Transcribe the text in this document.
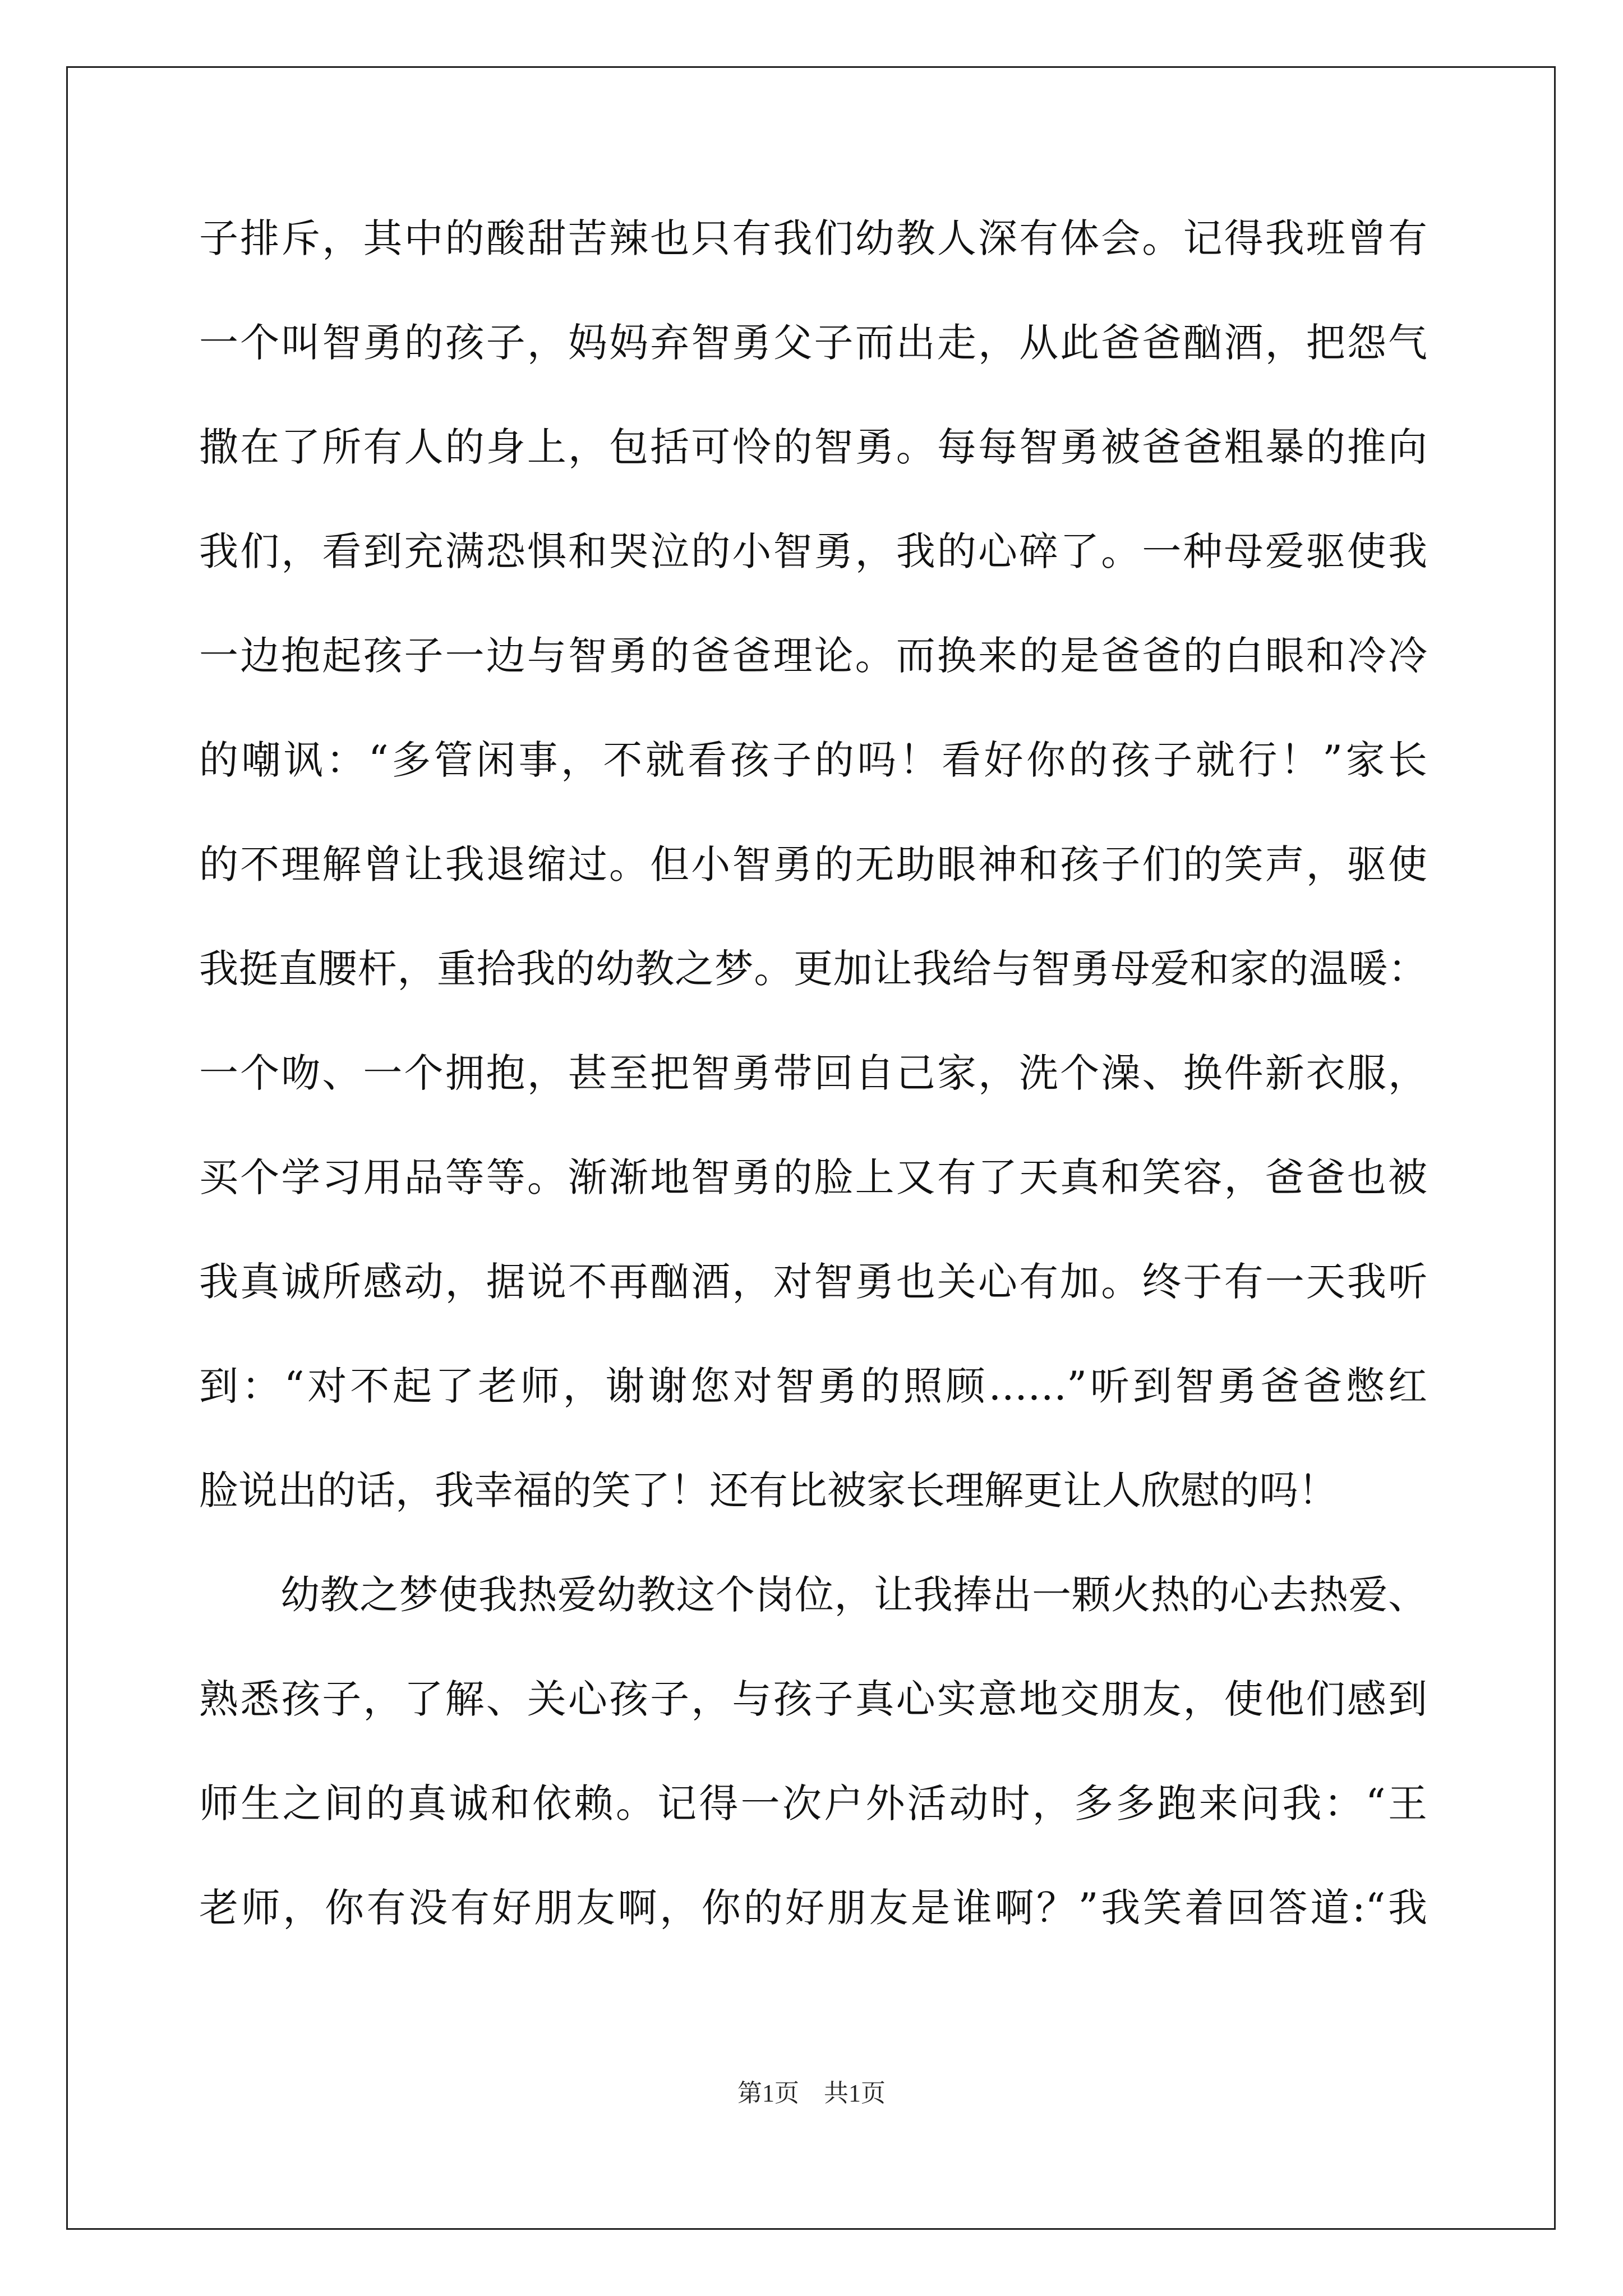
子排斥，其中的酸甜苦辣也只有我们幼教人深有体会。记得我班曾有
一个叫智勇的孩子，妈妈弃智勇父子而出走，从此爸爸酗酒，把怨气
撒在了所有人的身上，包括可怜的智勇。每每智勇被爸爸粗暴的推向
我们，看到充满恐惧和哭泣的小智勇，我的心碎了。一种母爱驱使我
一边抱起孩子一边与智勇的爸爸理论。而换来的是爸爸的白眼和冷冷
的嘲讽：“多管闲事，不就看孩子的吗！看好你的孩子就行！”家长
的不理解曾让我退缩过。但小智勇的无助眼神和孩子们的笑声，驱使
我挺直腰杆，重拾我的幼教之梦。更加让我给与智勇母爱和家的温暖：
一个吻、一个拥抱，甚至把智勇带回自己家，洗个澡、换件新衣服，
买个学习用品等等。渐渐地智勇的脸上又有了天真和笑容，爸爸也被
我真诚所感动，据说不再酗酒，对智勇也关心有加。终于有一天我听
到：“对不起了老师，谢谢您对智勇的照顾……”听到智勇爸爸憋红
脸说出的话，我幸福的笑了！还有比被家长理解更让人欣慰的吗！
幼教之梦使我热爱幼教这个岗位，让我捧出一颗火热的心去热爱、
熟悉孩子，了解、关心孩子，与孩子真心实意地交朋友，使他们感到
师生之间的真诚和依赖。记得一次户外活动时，多多跑来问我：“王
老师，你有没有好朋友啊，你的好朋友是谁啊？”我笑着回答道:“我
第1页　共1页
